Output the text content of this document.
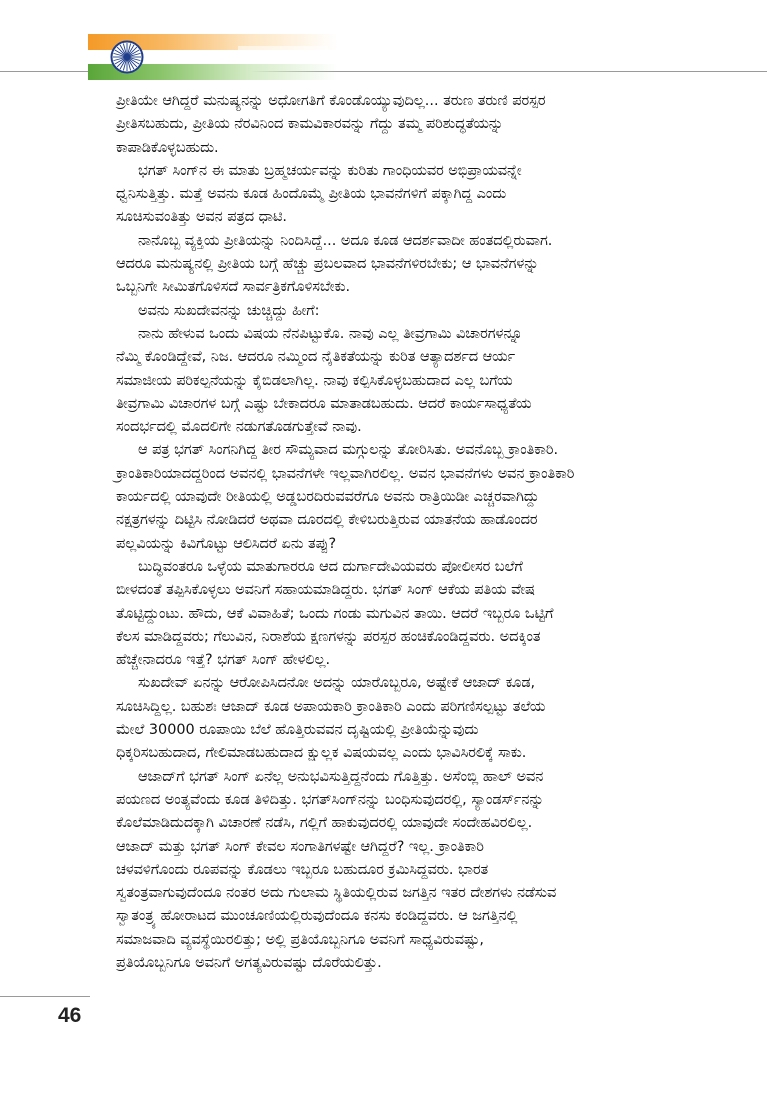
ಪ್ರೀತಿಯೇ ಆಗಿದ್ದರೆ ಮನುಷ್ಯನನ್ನು ಅಧೋಗತಿಗೆ ಕೊಂಡೊಯ್ಯುವುದಿಲ್ಲ... ತರುಣ ತರುಣಿ ಪರಸ್ಪರ

ಪ್ರೀತಿಸಬಹುದು, ಪ್ರೀತಿಯ ನೆರವಿನಿಂದ ಕಾಮವಿಕಾರವನ್ನು ಗೆದ್ದು ತಮ್ಮ ಪರಿಶುದ್ಧತೆಯನ್ನು

ಕಾಪಾಡಿಕೊಳ್ಳಬಹುದು.

ಭಗತ್ ಸಿಂಗ್‌ನ ಈ ಮಾತು ಬ್ರಹ್ಮಚರ್ಯವನ್ನು ಕುರಿತು ಗಾಂಧಿಯವರ ಅಭಿಪ್ರಾಯವನ್ನೇ

ಧ್ವನಿಸುತ್ತಿತ್ತು. ಮತ್ತೆ ಅವನು ಕೂಡ ಹಿಂದೊಮ್ಮೆ ಪ್ರೀತಿಯ ಭಾವನೆಗಳಿಗೆ ಪಕ್ಕಾಗಿದ್ದ ಎಂದು

ಸೂಚಿಸುವಂತಿತ್ತು ಅವನ ಪತ್ರದ ಧಾಟಿ.

ನಾನೊಬ್ಬ ವ್ಯಕ್ತಿಯ ಪ್ರೀತಿಯನ್ನು ನಿಂದಿಸಿದ್ದೆ... ಅದೂ ಕೂಡ ಆದರ್ಶವಾದೀ ಹಂತದಲ್ಲಿರುವಾಗ.

ಆದರೂ ಮನುಷ್ಯನಲ್ಲಿ ಪ್ರೀತಿಯ ಬಗ್ಗೆ ಹೆಚ್ಚು ಪ್ರಬಲವಾದ ಭಾವನೆಗಳಿರಬೇಕು; ಆ ಭಾವನೆಗಳನ್ನು

ಒಬ್ಬನಿಗೇ ಸೀಮಿತಗೊಳಿಸದೆ ಸಾರ್ವತ್ರಿಕಗೊಳಿಸಬೇಕು.

ಅವನು ಸುಖದೇವನನ್ನು ಚುಚ್ಚಿದ್ದು ಹೀಗೆ:

ನಾನು ಹೇಳುವ ಒಂದು ವಿಷಯ ನೆನಪಿಟ್ಟುಕೊ. ನಾವು ಎಲ್ಲ ತೀವ್ರಗಾಮಿ ವಿಚಾರಗಳನ್ನೂ

ನೆಮ್ಮಿ ಕೊಂಡಿದ್ದೇವೆ, ನಿಜ. ಆದರೂ ನಮ್ಮಿಂದ ನೈತಿಕತೆಯನ್ನು ಕುರಿತ ಆತ್ಯಾದರ್ಶದ ಆರ್ಯ

ಸಮಾಜೀಯ ಪರಿಕಲ್ಪನೆಯನ್ನು ಕೈಬಿಡಲಾಗಿಲ್ಲ. ನಾವು ಕಲ್ಪಿಸಿಕೊಳ್ಳಬಹುದಾದ ಎಲ್ಲ ಬಗೆಯ

ತೀವ್ರಗಾಮಿ ವಿಚಾರಗಳ ಬಗ್ಗೆ ಎಷ್ಟು ಬೇಕಾದರೂ ಮಾತಾಡಬಹುದು. ಆದರೆ ಕಾರ್ಯಸಾಧ್ಯತೆಯ

ಸಂದರ್ಭದಲ್ಲಿ ಮೊದಲಿಗೇ ನಡುಗತೊಡಗುತ್ತೇವೆ ನಾವು.

ಆ ಪತ್ರ ಭಗತ್ ಸಿಂಗನಿಗಿದ್ದ ತೀರ ಸೌಮ್ಯವಾದ ಮಗ್ಗುಲನ್ನು ತೋರಿಸಿತು. ಅವನೊಬ್ಬ ಕ್ರಾಂತಿಕಾರಿ.

ಕ್ರಾಂತಿಕಾರಿಯಾದದ್ದರಿಂದ ಅವನಲ್ಲಿ ಭಾವನೆಗಳೇ ಇಲ್ಲವಾಗಿರಲಿಲ್ಲ. ಅವನ ಭಾವನೆಗಳು ಅವನ ಕ್ರಾಂತಿಕಾರಿ

ಕಾರ್ಯದಲ್ಲಿ ಯಾವುದೇ ರೀತಿಯಲ್ಲಿ ಅಡ್ಡಬರದಿರುವವರೆಗೂ ಅವನು ರಾತ್ರಿಯಿಡೀ ಎಚ್ಚರವಾಗಿದ್ದು

ನಕ್ಷತ್ರಗಳನ್ನು ದಿಟ್ಟಿಸಿ ನೋಡಿದರೆ ಅಥವಾ ದೂರದಲ್ಲಿ ಕೇಳಿಬರುತ್ತಿರುವ ಯಾತನೆಯ ಹಾಡೊಂದರ

ಪಲ್ಲವಿಯನ್ನು ಕಿವಿಗೊಟ್ಟು ಆಲಿಸಿದರೆ ಏನು ತಪ್ಪು?

ಬುದ್ಧಿವಂತರೂ ಒಳ್ಳೆಯ ಮಾತುಗಾರರೂ ಆದ ದುರ್ಗಾದೇವಿಯವರು ಪೋಲೀಸರ ಬಲೆಗೆ

ಬೀಳದಂತೆ ತಪ್ಪಿಸಿಕೊಳ್ಳಲು ಅವನಿಗೆ ಸಹಾಯಮಾಡಿದ್ದರು. ಭಗತ್ ಸಿಂಗ್ ಆಕೆಯ ಪತಿಯ ವೇಷ

ತೊಟ್ಟಿದ್ದುಂಟು. ಹೌದು, ಆಕೆ ವಿವಾಹಿತೆ; ಒಂದು ಗಂಡು ಮಗುವಿನ ತಾಯಿ. ಆದರೆ ಇಬ್ಬರೂ ಒಟ್ಟಿಗೆ

ಕೆಲಸ ಮಾಡಿದ್ದವರು; ಗೆಲುವಿನ, ನಿರಾಶೆಯ ಕ್ಷಣಗಳನ್ನು ಪರಸ್ಪರ ಹಂಚಿಕೊಂಡಿದ್ದವರು. ಅದಕ್ಕಿಂತ

ಹೆಚ್ಚೇನಾದರೂ ಇತ್ತೆ? ಭಗತ್ ಸಿಂಗ್ ಹೇಳಲಿಲ್ಲ.

ಸುಖದೇವ್ ಏನನ್ನು ಆರೋಪಿಸಿದನೋ ಅದನ್ನು ಯಾರೊಬ್ಬರೂ, ಅಷ್ಟೇಕೆ ಆಜಾದ್ ಕೂಡ,

ಸೂಚಿಸಿದ್ದಿಲ್ಲ. ಬಹುಶಃ ಆಜಾದ್ ಕೂಡ ಅಪಾಯಕಾರಿ ಕ್ರಾಂತಿಕಾರಿ ಎಂದು ಪರಿಗಣಿಸಲ್ಪಟ್ಟು ತಲೆಯ

ಮೇಲೆ 30000 ರೂಪಾಯಿ ಬೆಲೆ ಹೊತ್ತಿರುವವನ ದೃಷ್ಟಿಯಲ್ಲಿ ಪ್ರೀತಿಯೆನ್ನುವುದು

ಧಿಕ್ಕರಿಸಬಹುದಾದ, ಗೇಲಿಮಾಡಬಹುದಾದ ಕ್ಷುಲ್ಲಕ ವಿಷಯವಲ್ಲ ಎಂದು ಭಾವಿಸಿರಲಿಕ್ಕೆ ಸಾಕು.

ಆಜಾದ್‌ಗೆ ಭಗತ್ ಸಿಂಗ್ ಏನೆಲ್ಲ ಅನುಭವಿಸುತ್ತಿದ್ದನೆಂದು ಗೊತ್ತಿತ್ತು. ಅಸೆಂಬ್ಲಿ ಹಾಲ್ ಅವನ

ಪಯಣದ ಅಂತ್ಯವೆಂದು ಕೂಡ ತಿಳಿದಿತ್ತು. ಭಗತ್‌ಸಿಂಗ್‌ನನ್ನು ಬಂಧಿಸುವುದರಲ್ಲಿ, ಸ್ಯಾಂಡರ್ಸ್‌ನನ್ನು

ಕೊಲೆಮಾಡಿದುದಕ್ಕಾಗಿ ವಿಚಾರಣೆ ನಡೆಸಿ, ಗಲ್ಲಿಗೆ ಹಾಕುವುದರಲ್ಲಿ ಯಾವುದೇ ಸಂದೇಹವಿರಲಿಲ್ಲ.

ಆಜಾದ್ ಮತ್ತು ಭಗತ್ ಸಿಂಗ್ ಕೇವಲ ಸಂಗಾತಿಗಳಷ್ಟೇ ಆಗಿದ್ದರೆ? ಇಲ್ಲ. ಕ್ರಾಂತಿಕಾರಿ

ಚಳವಳಿಗೊಂದು ರೂಪವನ್ನು ಕೊಡಲು ಇಬ್ಬರೂ ಬಹುದೂರ ಕ್ರಮಿಸಿದ್ದವರು. ಭಾರತ

ಸ್ವತಂತ್ರವಾಗುವುದೆಂದೂ ನಂತರ ಅದು ಗುಲಾಮ ಸ್ಥಿತಿಯಲ್ಲಿರುವ ಜಗತ್ತಿನ ಇತರ ದೇಶಗಳು ನಡೆಸುವ

ಸ್ವಾತಂತ್ರ್ಯ ಹೋರಾಟದ ಮುಂಚೂಣಿಯಲ್ಲಿರುವುದೆಂದೂ ಕನಸು ಕಂಡಿದ್ದವರು. ಆ ಜಗತ್ತಿನಲ್ಲಿ

ಸಮಾಜವಾದಿ ವ್ಯವಸ್ಥೆಯಿರಲಿತ್ತು; ಅಲ್ಲಿ ಪ್ರತಿಯೊಬ್ಬನಿಗೂ ಅವನಿಗೆ ಸಾಧ್ಯವಿರುವಷ್ಟು,

ಪ್ರತಿಯೊಬ್ಬನಿಗೂ ಅವನಿಗೆ ಅಗತ್ಯವಿರುವಷ್ಟು ದೊರೆಯಲಿತ್ತು.

46
